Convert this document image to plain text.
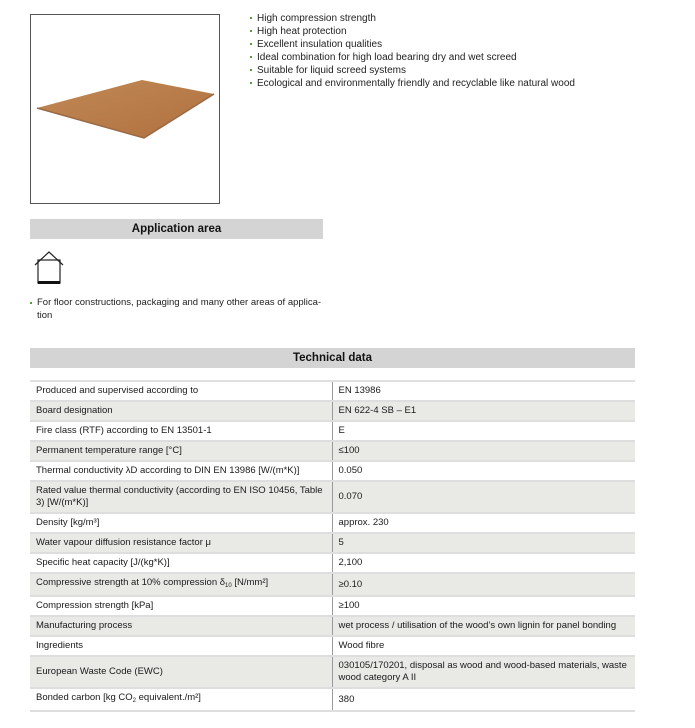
High compression strength
High heat protection
Excellent insulation qualities
Ideal combination for high load bearing dry and wet screed
Suitable for liquid screed systems
Ecological and environmentally friendly and recyclable like natural wood
Application area
For floor constructions, packaging and many other areas of applica-tion
Technical data
Produced and supervised according to	EN 13986
Board designation	EN 622-4 SB – E1
Fire class (RTF) according to EN 13501-1	E
Permanent temperature range [°C]	≤100
Thermal conductivity λD according to DIN EN 13986 [W/(m*K)]	0.050
Rated value thermal conductivity (according to EN ISO 10456, Table 3) [W/(m*K)]	0.070
Density [kg/m³]	approx. 230
Water vapour diffusion resistance factor μ	5
Specific heat capacity [J/(kg*K)]	2,100
Compressive strength at 10% compression $\delta_{10}$ [N/mm²]	≥0.10
Compression strength [kPa]	≥100
Manufacturing process	wet process / utilisation of the wood’s own lignin for panel bonding
Ingredients	Wood fibre
European Waste Code (EWC)	030105/170201, disposal as wood and wood-based materials, waste wood category A II
Bonded carbon [kg $CO_2$ equivalent./m²]	380
